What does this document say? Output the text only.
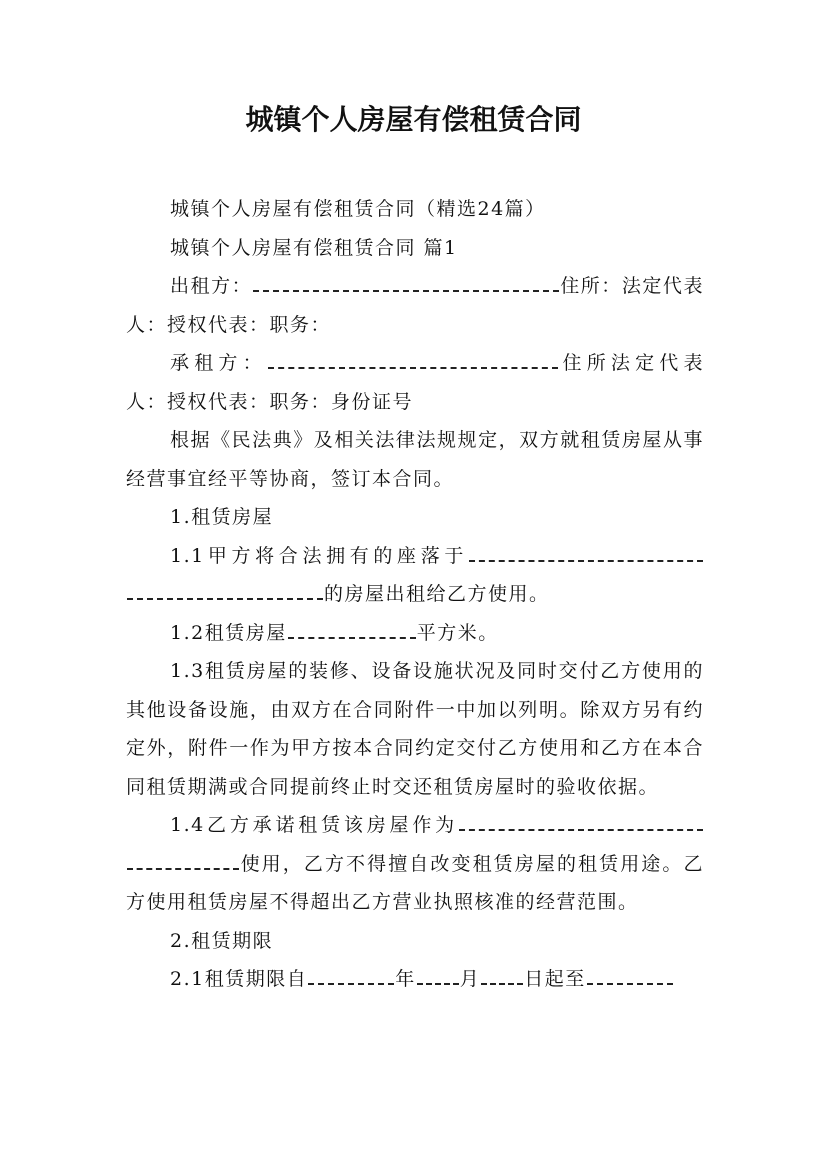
城镇个人房屋有偿租赁合同

城镇个人房屋有偿租赁合同（精选24篇）

城镇个人房屋有偿租赁合同 篇1

出租方：	住所：法定代表人：授权代表：职务：

承租方：	住所法定代表人：授权代表：职务：身份证号

根据《民法典》及相关法律法规规定，双方就租赁房屋从事经营事宜经平等协商，签订本合同。

1.租赁房屋

1.1甲方将合法拥有的座落于的房屋出租给乙方使用。

1.2租赁房屋	平方米。

1.3租赁房屋的装修、设备设施状况及同时交付乙方使用的其他设备设施，由双方在合同附件一中加以列明。除双方另有约定外，附件一作为甲方按本合同约定交付乙方使用和乙方在本合同租赁期满或合同提前终止时交还租赁房屋时的验收依据。

1.4乙方承诺租赁该房屋作为使用，乙方不得擅自改变租赁房屋的租赁用途。乙方使用租赁房屋不得超出乙方营业执照核准的经营范围。

2.租赁期限

2.1租赁期限自	年 月 日起至
